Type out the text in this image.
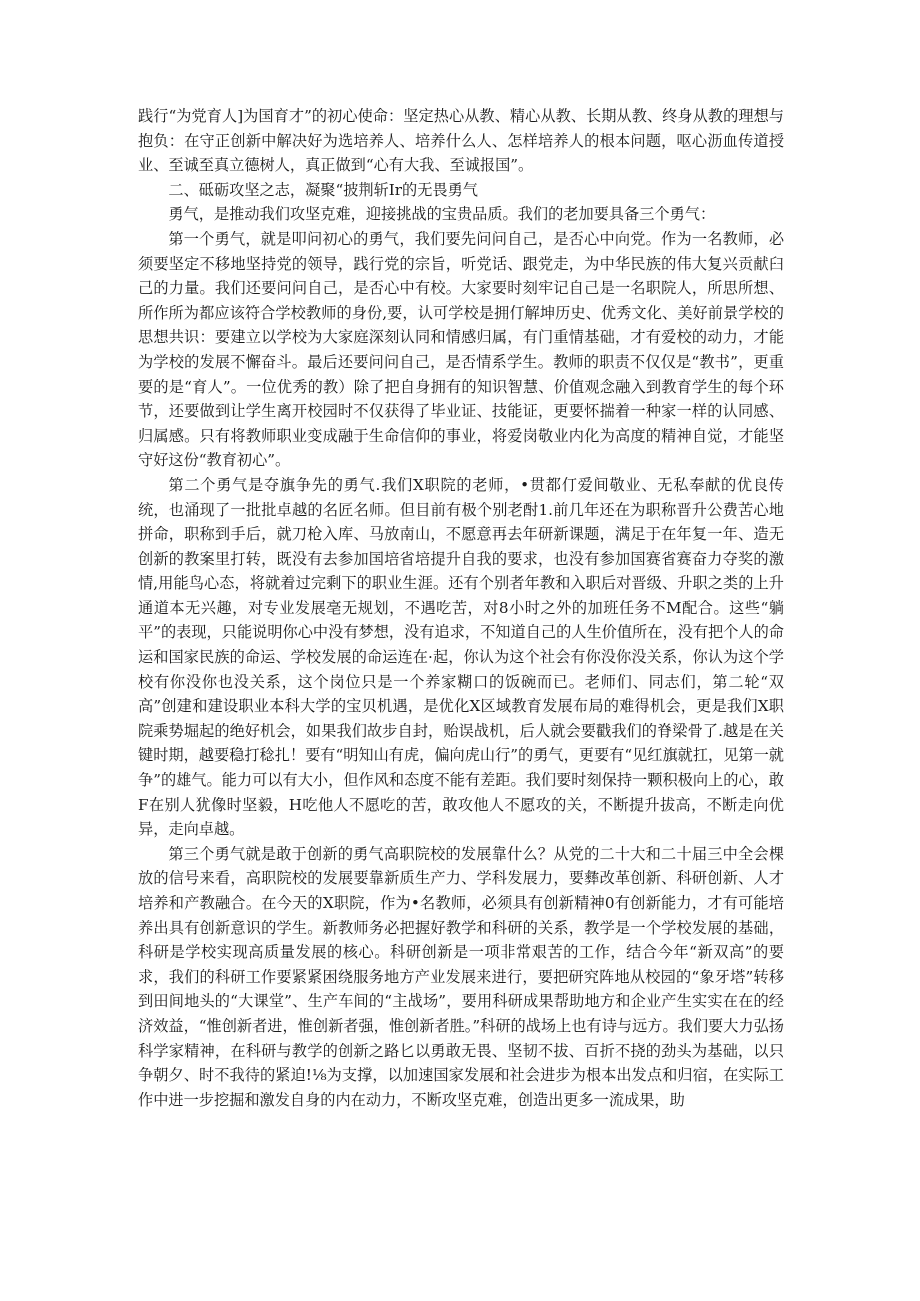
践行“为党育人]为国育才”的初心使命：坚定热心从教、精心从教、长期从教、终身从教的理想与抱负：在守正创新中解决好为选培养人、培养什么人、怎样培养人的根本问题，呕心沥血传道授业、至诚至真立德树人，真正做到“心有大我、至诚报国”。

二、砥砺攻坚之志，凝聚“披荆斩Ir的无畏勇气

勇气，是推动我们攻坚克难，迎接挑战的宝贵品质。我们的老加要具备三个勇气：

第一个勇气，就是叩问初心的勇气，我们要先问问自己，是否心中向党。作为一名教师，必须要坚定不移地坚持党的领导，践行党的宗旨，听党话、跟党走，为中华民族的伟大复兴贡献臼己的力量。我们还要问问自己，是否心中有校。大家要时刻牢记自己是一名职院人，所思所想、所作所为都应该符合学校教师的身份,要，认可学校是拥仃解坤历史、优秀文化、美好前景学校的思想共识：要建立以学校为大家庭深刻认同和情感归属，有门重情基础，才有爱校的动力，才能为学校的发展不懈奋斗。最后还要问问自己，是否情系学生。教师的职责不仅仅是“教书”，更重要的是“育人”。一位优秀的教）除了把自身拥有的知识智慧、价值观念融入到教育学生的每个环节，还要做到让学生离开校园时不仅获得了毕业证、技能证，更要怀揣着一种家一样的认同感、归属感。只有将教师职业变成融于生命信仰的事业，将爱岗敬业内化为高度的精神自觉，才能坚守好这份“教育初心”。

第二个勇气是夺旗争先的勇气.我们X职院的老师，•贯都仃爱间敬业、无私奉献的优良传统，也涌现了一批批卓越的名匠名师。但目前有极个别老酎1.前几年还在为职称晋升公费苦心地拼命，职称到手后，就刀枪入库、马放南山，不愿意再去年研新课题，满足于在年复一年、造无创新的教案里打转，既没有去参加国培省培提升自我的要求，也没有参加国赛省赛奋力夺奖的激情,用能鸟心态，将就着过完剩下的职业生涯。还有个别者年教和入职后对晋级、升职之类的上升通道本无兴趣，对专业发展亳无规划，不遇吃苦，对8小时之外的加班任务不M配合。这些“躺平”的表现，只能说明你心中没有梦想，没有追求，不知道自己的人生价值所在，没有把个人的命运和国家民族的命运、学校发展的命运连在·起，你认为这个社会有你没你没关系，你认为这个学校有你没你也没关系，这个岗位只是一个养家糊口的饭碗而已。老师们、同志们，第二轮“双高”创建和建设职业本科大学的宝贝机遇，是优化X区域教育发展布局的难得机会，更是我们X职院乘势堀起的绝好机会，如果我们故步自封，贻误战机，后人就会要戳我们的脊梁骨了.越是在关键时期，越要稳打稔扎！要有“明知山有虎，偏向虎山行”的勇气，更要有“见红旗就扛，见第一就争”的雄气。能力可以有大小，但作风和态度不能有差距。我们要时刻保持一颗积极向上的心，敢F在别人犹像时坚毅，H吃他人不愿吃的苦，敢攻他人不愿攻的关，不断提升拔高，不断走向优异，走向卓越。

第三个勇气就是敢于创新的勇气高职院校的发展靠什么？从党的二十大和二十届三中全会棵放的信号来看，高职院校的发展要靠新质生产力、学科发展力，要彝改革创新、科研创新、人才培养和产教融合。在今天的X职院，作为•名教师，必须具有创新精神0有创新能力，才有可能培养出具有创新意识的学生。新教师务必把握好教学和科研的关系，教学是一个学校发展的基础，科研是学校实现高质量发展的核心。科研创新是一项非常艰苦的工作，结合今年“新双高”的要求，我们的科研工作要紧紧困绕服务地方产业发展来进行，要把研究阵地从校园的“象牙塔”转移到田间地头的“大课堂”、生产车间的“主战场”，要用科研成果帮助地方和企业产生实实在在的经济效益，“惟创新者进，惟创新者强，惟创新者胜。”科研的战场上也有诗与远方。我们要大力弘扬科学家精神，在科研与教学的创新之路匕以勇敢无畏、坚韧不拔、百折不挠的劲头为基础，以只争朝夕、时不我待的紧迫!⅛为支撑，以加速国家发展和社会进步为根本出发点和归宿，在实际工作中进一步挖掘和激发自身的内在动力，不断攻坚克难，创造出更多一流成果，助
